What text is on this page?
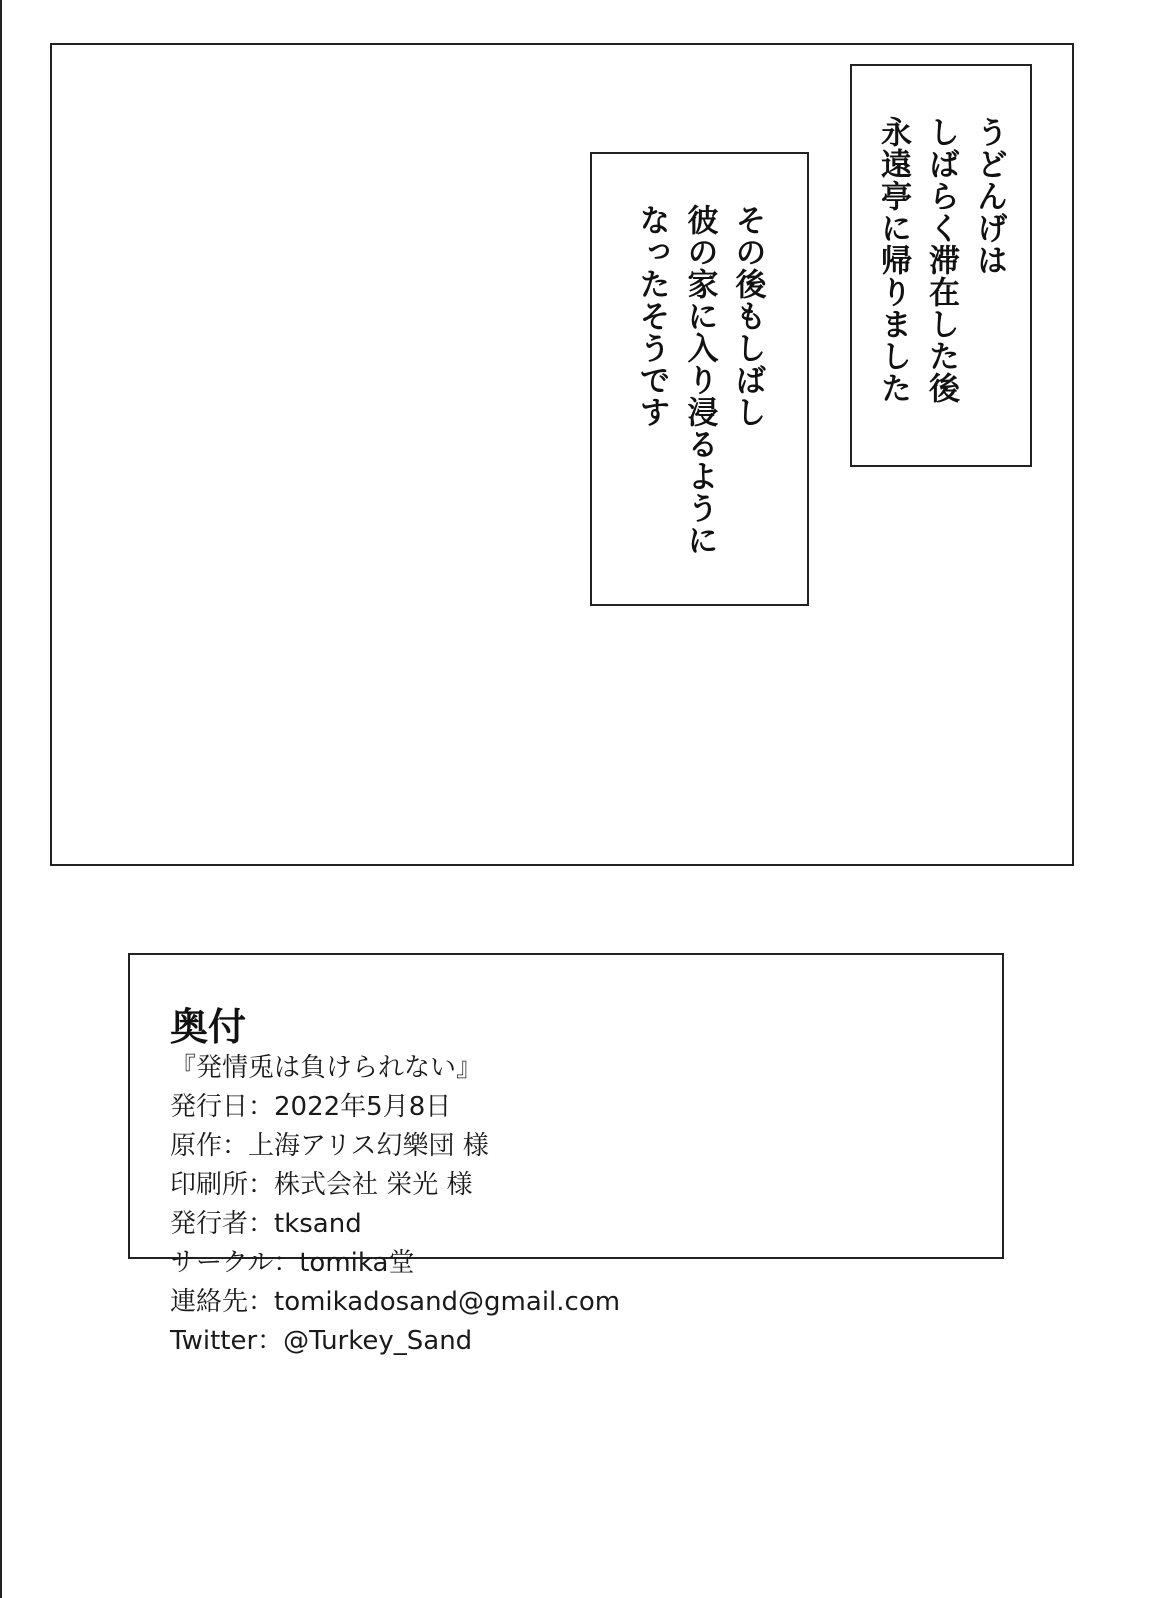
うどんげは
しばらく滞在した後
永遠亭に帰りました
その後もしばし
彼の家に入り浸るように
なったそうです
奥付
『発情兎は負けられない』
発行日：2022年5月8日
原作：上海アリス幻樂団 様
印刷所：株式会社 栄光 様
発行者：tksand
サークル：tomika堂
連絡先：tomikadosand@gmail.com
Twitter：@Turkey_Sand
